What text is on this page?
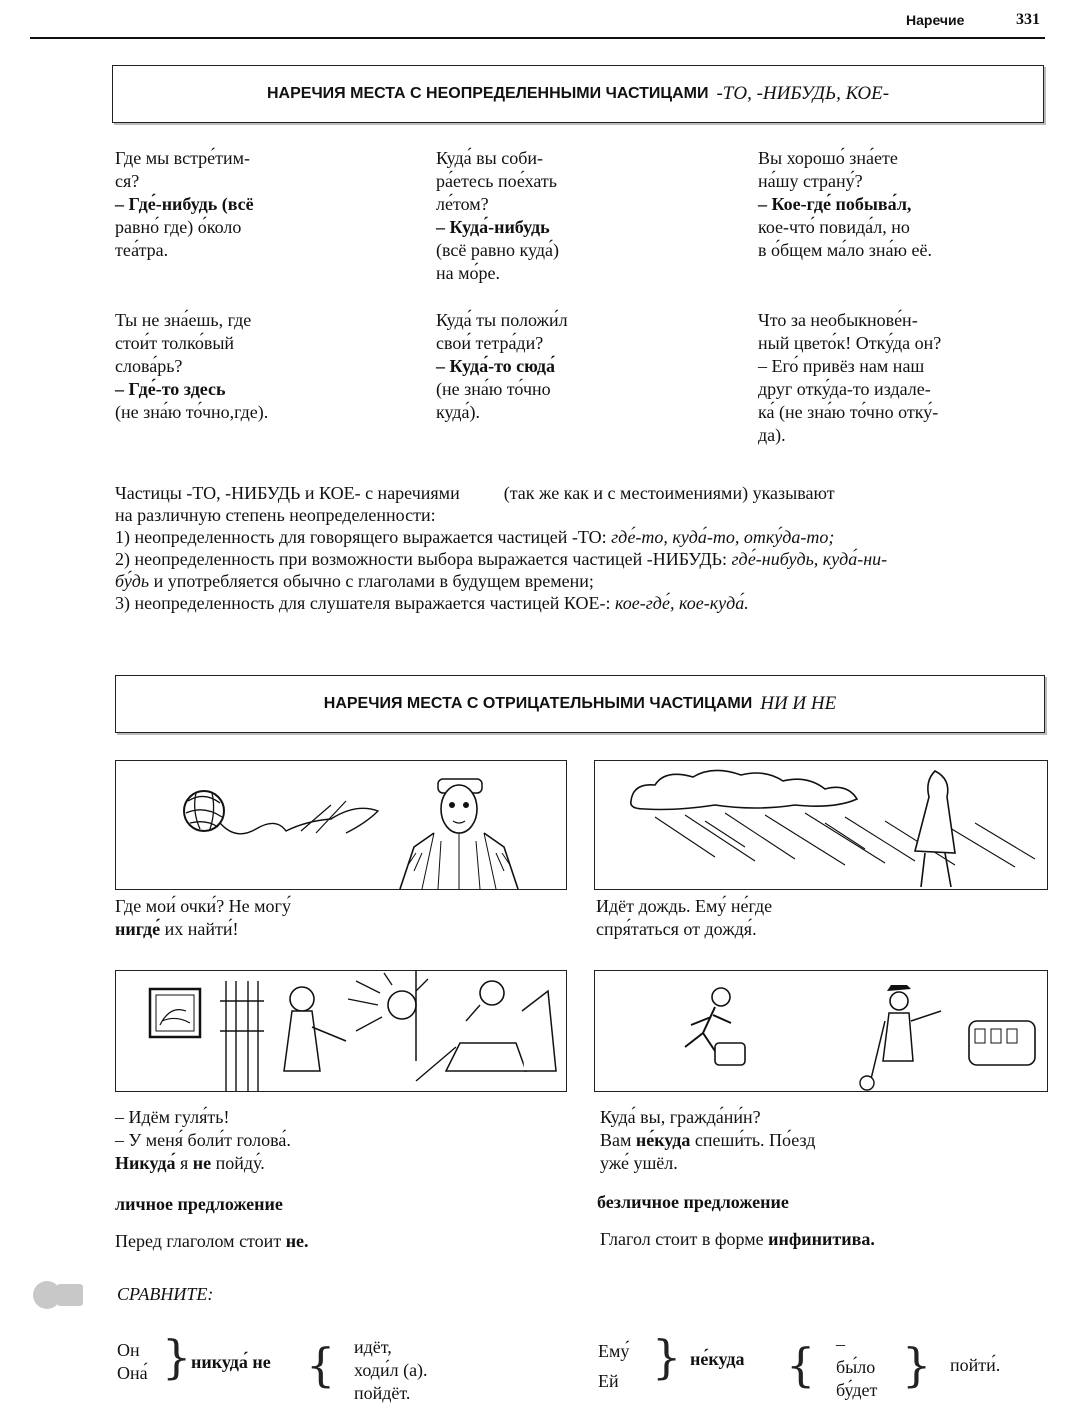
Наречие	331
НАРЕЧИЯ МЕСТА С НЕОПРЕДЕЛЕННЫМИ ЧАСТИЦАМИ -ТО, -НИБУДЬ, КОЕ-
Где мы встре́тим-
ся?
– Где́-нибудь (всё
равно́ где) о́коло
теа́тра.
Куда́ вы соби-
ра́етесь пое́хать
ле́том?
– Куда́-нибудь
(всё равно куда́)
на мо́ре.
Вы хорошо́ зна́ете
на́шу страну́?
– Кое-где́ побыва́л,
кое-что́ повида́л, но
в о́бщем ма́ло зна́ю её.
Ты не зна́ешь, где
стои́т толко́вый
слова́рь?
– Где́-то здесь
(не зна́ю то́чно,где).
Куда́ ты положи́л
свои́ тетра́ди?
– Куда́-то сюда́
(не зна́ю то́чно
куда́).
Что за необыкнове́н-
ный цвето́к! Отку́да он?
– Его́ привёз нам наш
друг отку́да-то издале-
ка́ (не зна́ю то́чно отку́-
да).
Частицы -ТО, -НИБУДЬ и КОЕ- с наречиями (так же как и с местоимениями) указывают
на различную степень неопределенности:
1) неопределенность для говорящего выражается частицей -ТО: где́-то, куда́-то, отку́да-то;
2) неопределенность при возможности выбора выражается частицей -НИБУДЬ: где́-нибудь, куда́-ни-
бу́дь и употребляется обычно с глаголами в будущем времени;
3) неопределенность для слушателя выражается частицей КОЕ-: кое-где́, кое-куда́.
НАРЕЧИЯ МЕСТА С ОТРИЦАТЕЛЬНЫМИ ЧАСТИЦАМИ НИ И НЕ
Где мои́ очки́? Не могу́
нигде́ их найти́!
Идёт дождь. Ему́ не́где
спря́таться от дождя́.
– Идём гуля́ть!
– У меня́ боли́т голова́.
Никуда́ я не пойду́.
Куда́ вы, гражда́ни́н?
Вам не́куда спеши́ть. По́езд
уже́ ушёл.
личное предложение	безличное предложение
Перед глаголом стоит не.	Глагол стоит в форме инфинитива.
СРАВНИТЕ:
Он
Она́ } никуда́ не { идёт,
ходи́л (а).
пойдёт.
Ему́
Ей } не́куда { –
бы́ло
бу́дет } пойти́.
